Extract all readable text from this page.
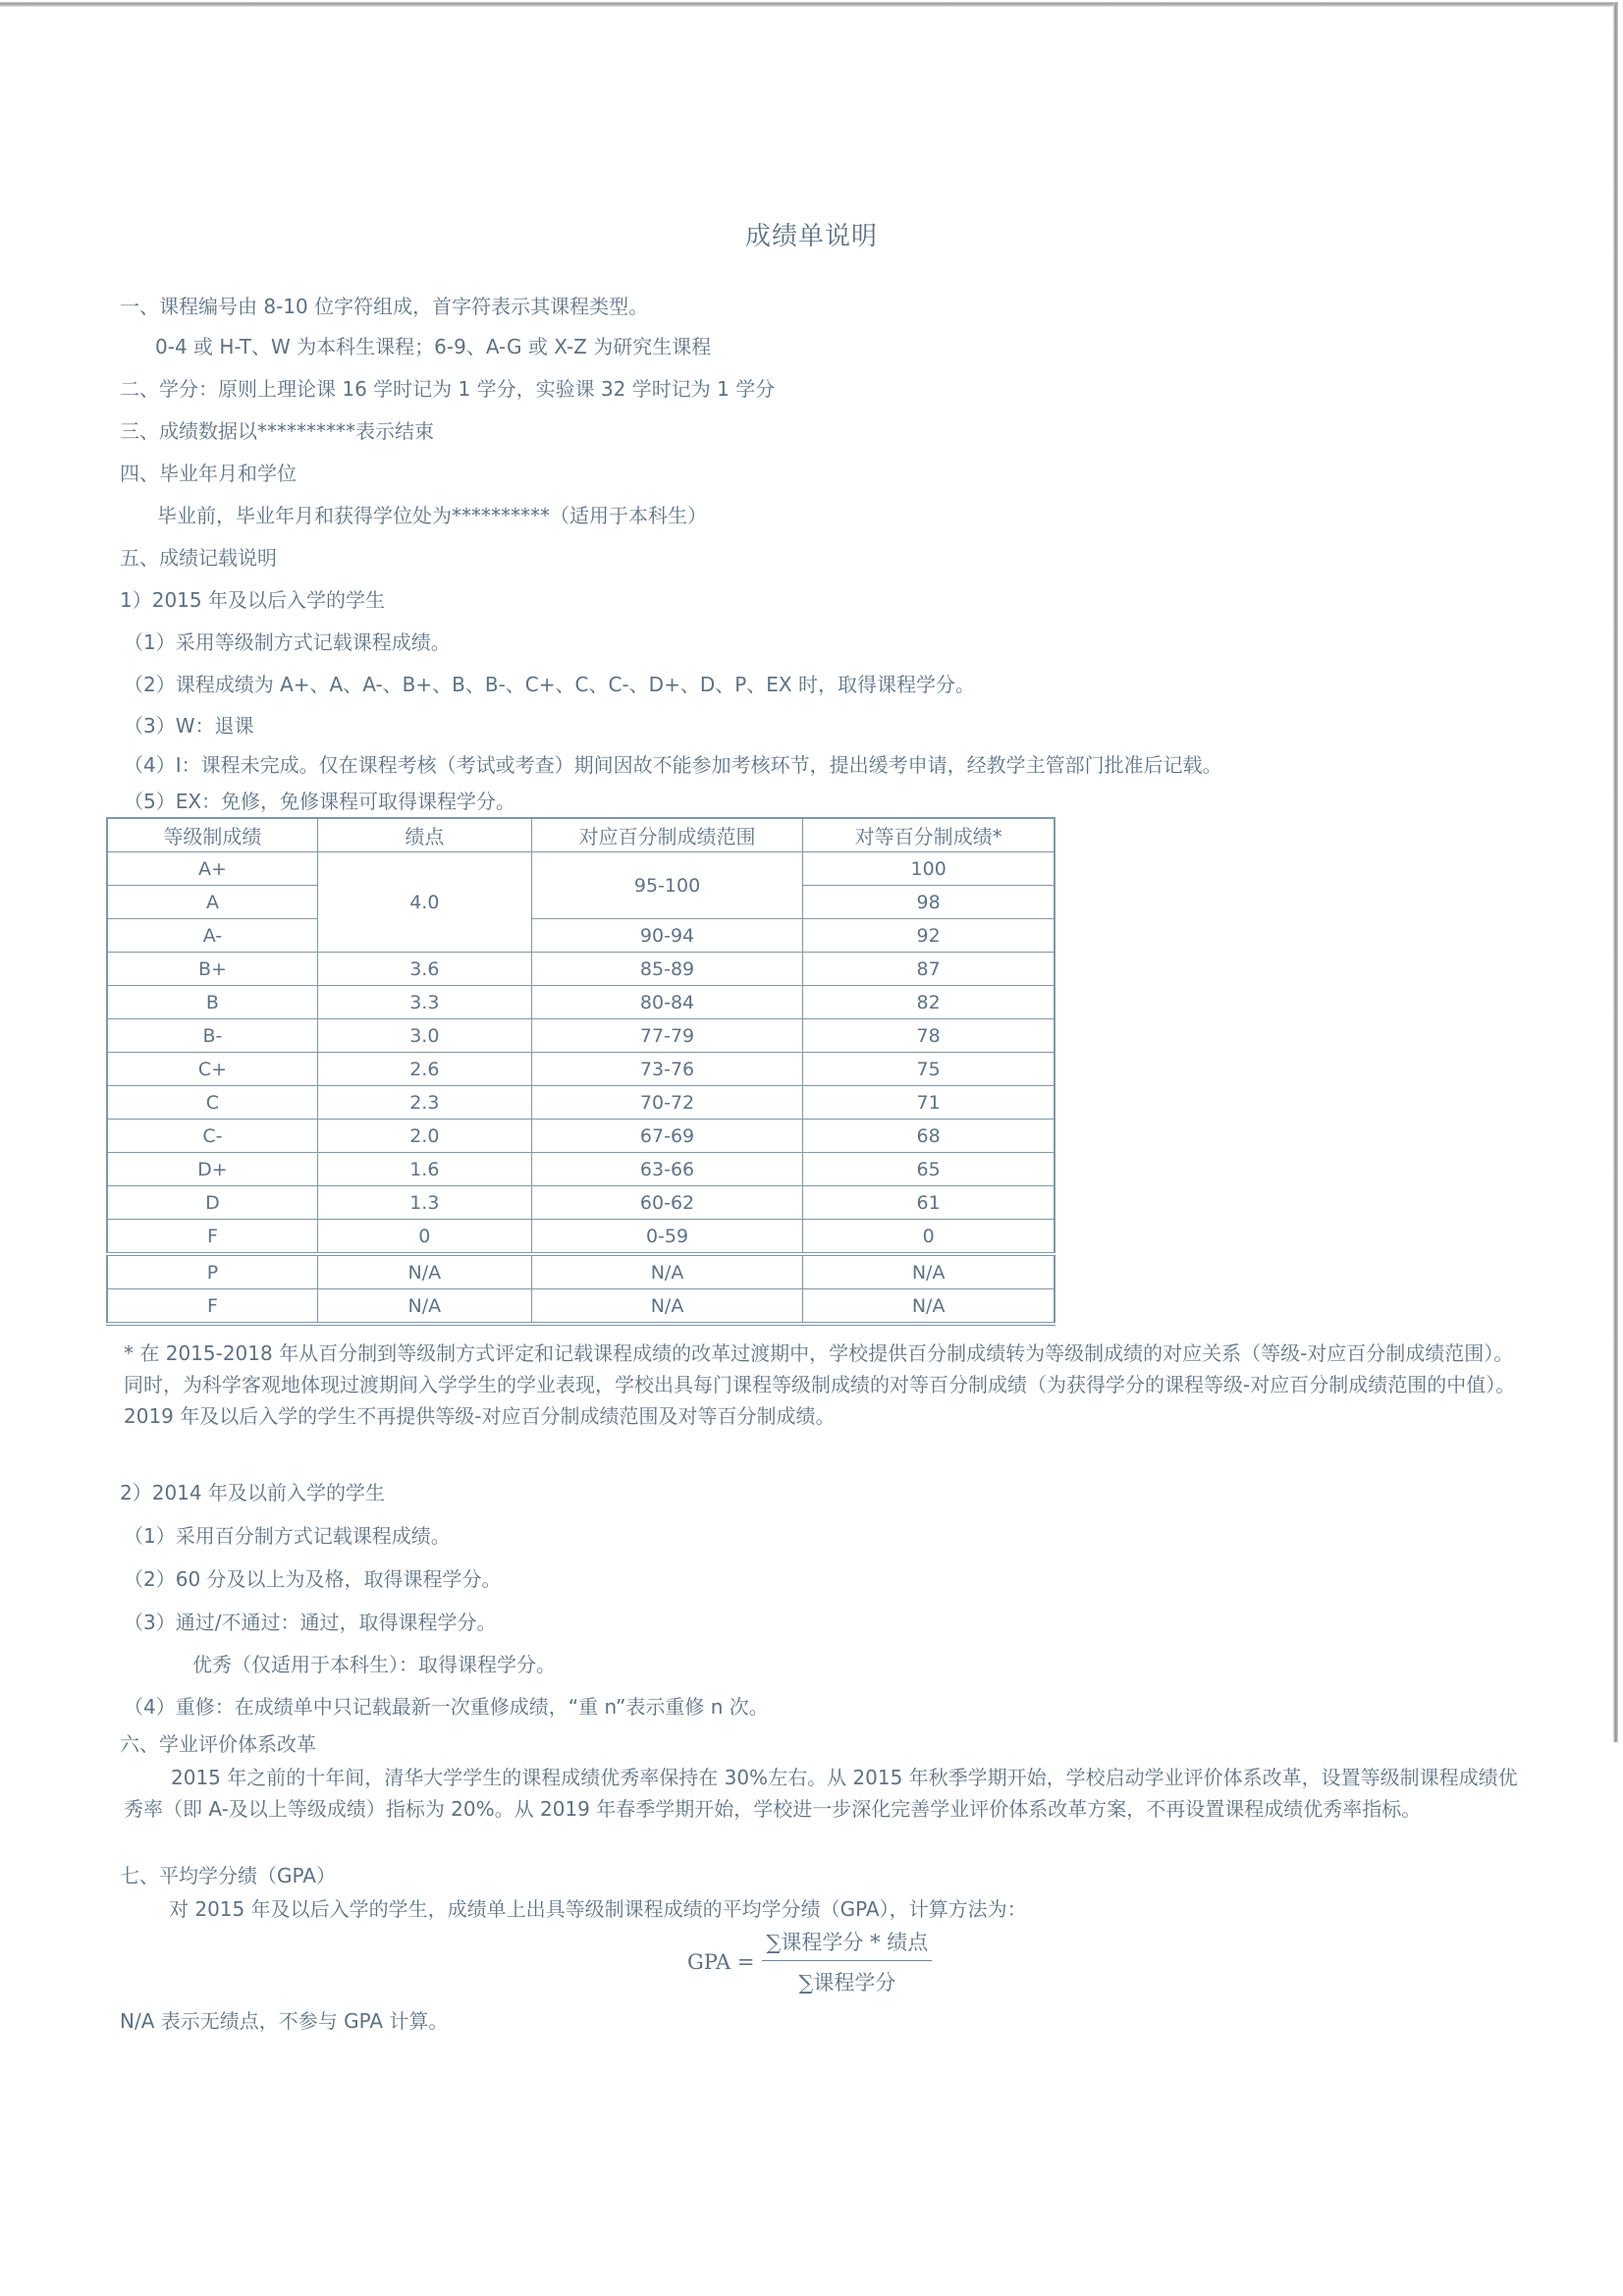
成绩单说明
一、课程编号由 8-10 位字符组成，首字符表示其课程类型。
0-4 或 H-T、W 为本科生课程；6-9、A-G 或 X-Z 为研究生课程
二、学分：原则上理论课 16 学时记为 1 学分，实验课 32 学时记为 1 学分
三、成绩数据以**********表示结束
四、毕业年月和学位
毕业前，毕业年月和获得学位处为**********（适用于本科生）
五、成绩记载说明
1）2015 年及以后入学的学生
（1）采用等级制方式记载课程成绩。
（2）课程成绩为 A+、A、A-、B+、B、B-、C+、C、C-、D+、D、P、EX 时，取得课程学分。
（3）W：退课
（4）I：课程未完成。仅在课程考核（考试或考查）期间因故不能参加考核环节，提出缓考申请，经教学主管部门批准后记载。
（5）EX：免修，免修课程可取得课程学分。
等级制成绩	绩点	对应百分制成绩范围	对等百分制成绩*
A+	4.0	95-100	100
A			98
A-		90-94	92
B+	3.6	85-89	87
B	3.3	80-84	82
B-	3.0	77-79	78
C+	2.6	73-76	75
C	2.3	70-72	71
C-	2.0	67-69	68
D+	1.6	63-66	65
D	1.3	60-62	61
F	0	0-59	0
P	N/A	N/A	N/A
F	N/A	N/A	N/A
* 在 2015-2018 年从百分制到等级制方式评定和记载课程成绩的改革过渡期中，学校提供百分制成绩转为等级制成绩的对应关系（等级-对应百分制成绩范围）。同时，为科学客观地体现过渡期间入学学生的学业表现，学校出具每门课程等级制成绩的对等百分制成绩（为获得学分的课程等级-对应百分制成绩范围的中值）。2019 年及以后入学的学生不再提供等级-对应百分制成绩范围及对等百分制成绩。
2）2014 年及以前入学的学生
（1）采用百分制方式记载课程成绩。
（2）60 分及以上为及格，取得课程学分。
（3）通过/不通过：通过，取得课程学分。
优秀（仅适用于本科生）：取得课程学分。
（4）重修：在成绩单中只记载最新一次重修成绩，“重 n”表示重修 n 次。
六、学业评价体系改革
2015 年之前的十年间，清华大学学生的课程成绩优秀率保持在 30%左右。从 2015 年秋季学期开始，学校启动学业评价体系改革，设置等级制课程成绩优秀率（即 A-及以上等级成绩）指标为 20%。从 2019 年春季学期开始，学校进一步深化完善学业评价体系改革方案，不再设置课程成绩优秀率指标。
七、平均学分绩（GPA）
对 2015 年及以后入学的学生，成绩单上出具等级制课程成绩的平均学分绩（GPA），计算方法为：
GPA = $\frac{\text{∑课程学分 * 绩点}}{\text{∑课程学分}}$
N/A 表示无绩点，不参与 GPA 计算。
